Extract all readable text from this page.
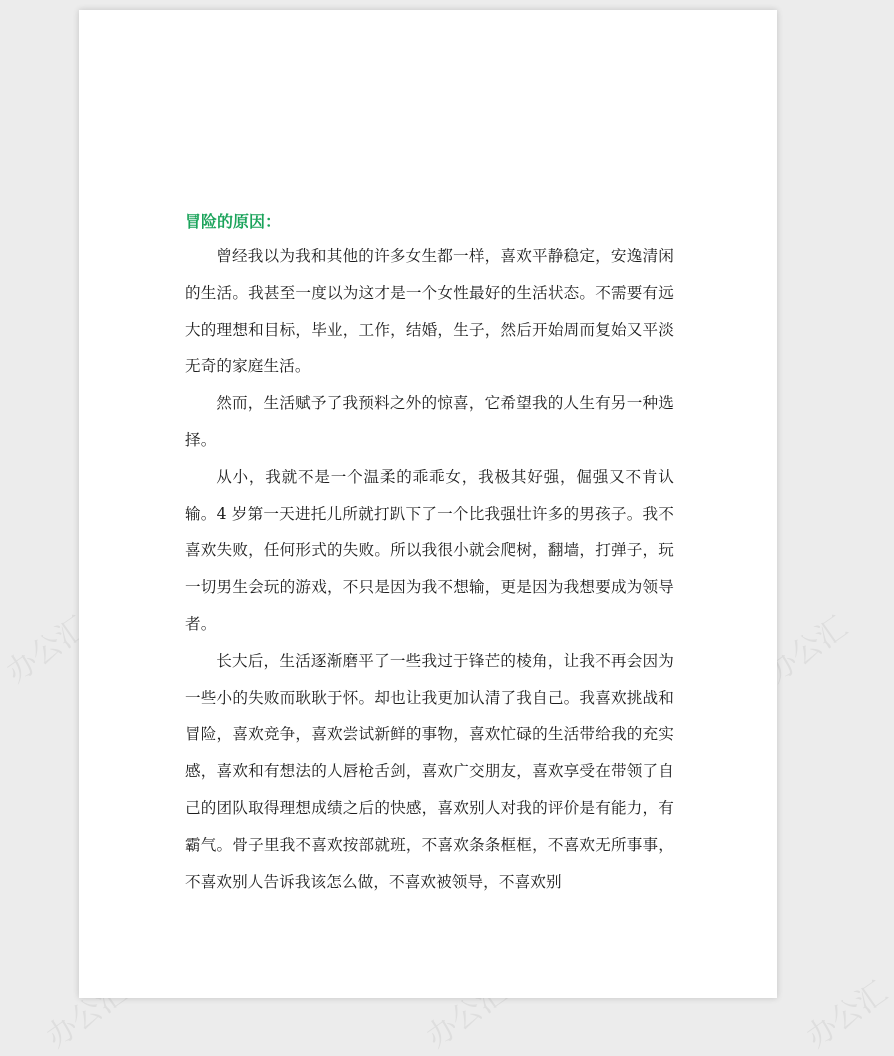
办公汇	办公汇
办公汇	办公汇	办公汇
冒险的原因：

曾经我以为我和其他的许多女生都一样，喜欢平静稳定，安逸清闲的生活。我甚至一度以为这才是一个女性最好的生活状态。不需要有远大的理想和目标，毕业，工作，结婚，生子，然后开始周而复始又平淡无奇的家庭生活。

然而，生活赋予了我预料之外的惊喜，它希望我的人生有另一种选择。

从小，我就不是一个温柔的乖乖女，我极其好强，倔强又不肯认输。4 岁第一天进托儿所就打趴下了一个比我强壮许多的男孩子。我不喜欢失败，任何形式的失败。所以我很小就会爬树，翻墙，打弹子，玩一切男生会玩的游戏，不只是因为我不想输，更是因为我想要成为领导者。

长大后，生活逐渐磨平了一些我过于锋芒的棱角，让我不再会因为一些小的失败而耿耿于怀。却也让我更加认清了我自己。我喜欢挑战和冒险，喜欢竞争，喜欢尝试新鲜的事物，喜欢忙碌的生活带给我的充实感，喜欢和有想法的人唇枪舌剑，喜欢广交朋友，喜欢享受在带领了自己的团队取得理想成绩之后的快感，喜欢别人对我的评价是有能力，有霸气。骨子里我不喜欢按部就班，不喜欢条条框框，不喜欢无所事事，不喜欢别人告诉我该怎么做，不喜欢被领导，不喜欢别
